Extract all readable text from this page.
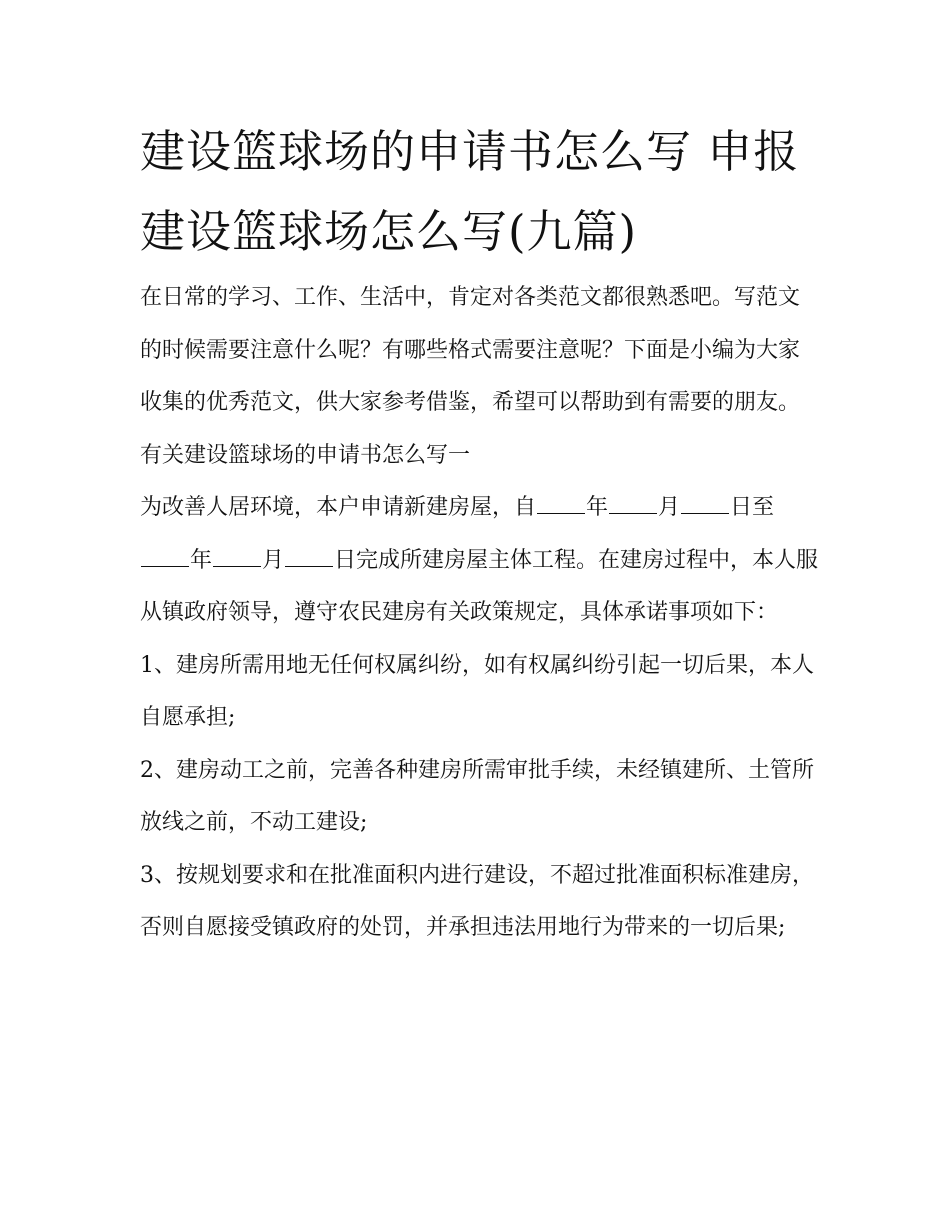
建设篮球场的申请书怎么写 申报建设篮球场怎么写(九篇)

在日常的学习、工作、生活中，肯定对各类范文都很熟悉吧。写范文的时候需要注意什么呢？有哪些格式需要注意呢？下面是小编为大家收集的优秀范文，供大家参考借鉴，希望可以帮助到有需要的朋友。

有关建设篮球场的申请书怎么写一

为改善人居环境，本户申请新建房屋，自 年 月 日至年 月 日完成所建房屋主体工程。在建房过程中，本人服从镇政府领导，遵守农民建房有关政策规定，具体承诺事项如下：

1、建房所需用地无任何权属纠纷，如有权属纠纷引起一切后果，本人自愿承担;

2、建房动工之前，完善各种建房所需审批手续，未经镇建所、土管所放线之前，不动工建设;

3、按规划要求和在批准面积内进行建设，不超过批准面积标准建房，否则自愿接受镇政府的处罚，并承担违法用地行为带来的一切后果;
